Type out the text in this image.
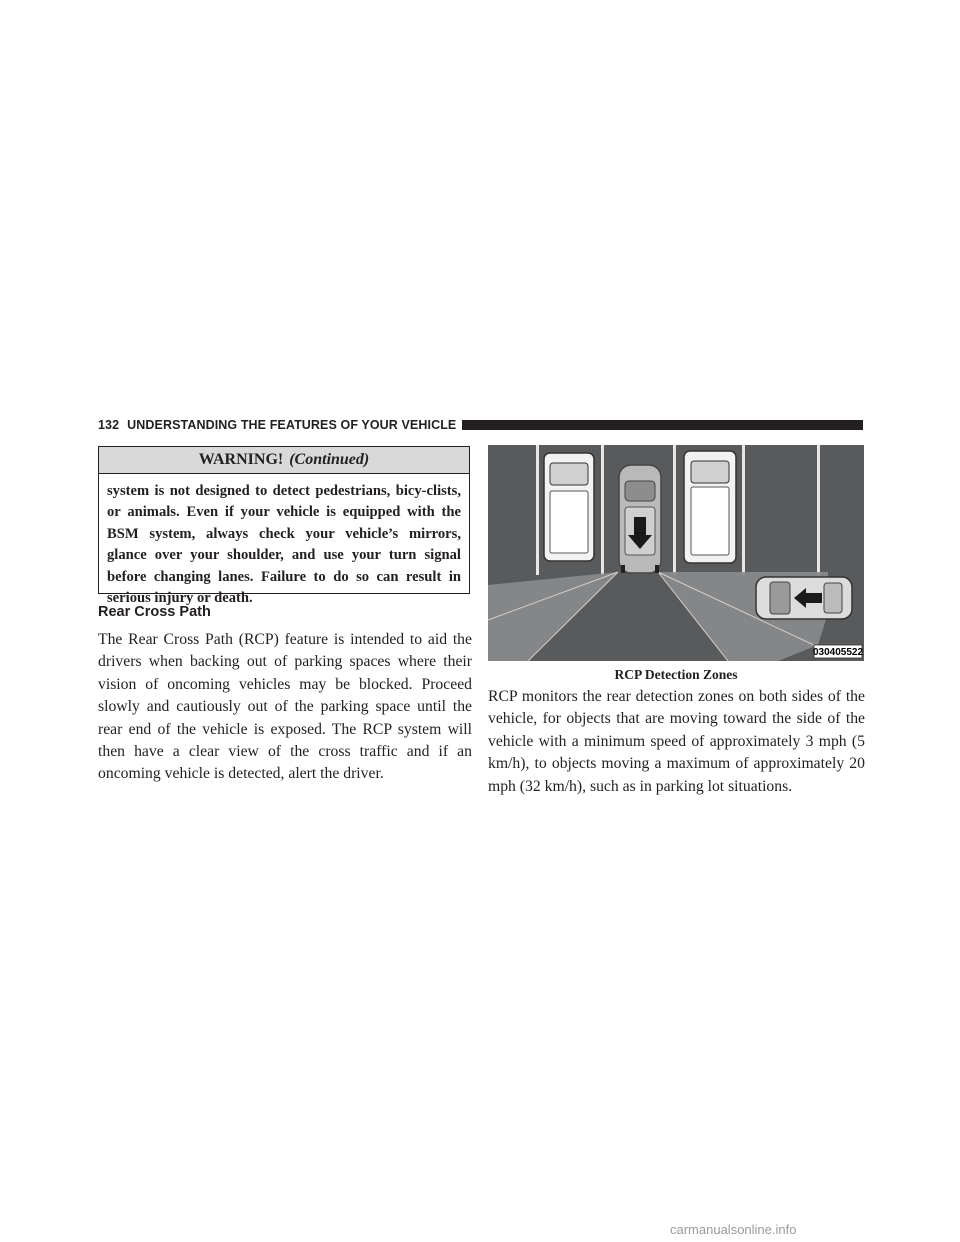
132 UNDERSTANDING THE FEATURES OF YOUR VEHICLE
WARNING! (Continued)
system is not designed to detect pedestrians, bicy-clists, or animals. Even if your vehicle is equipped with the BSM system, always check your vehicle’s mirrors, glance over your shoulder, and use your turn signal before changing lanes. Failure to do so can result in serious injury or death.
Rear Cross Path

The Rear Cross Path (RCP) feature is intended to aid the drivers when backing out of parking spaces where their vision of oncoming vehicles may be blocked. Proceed slowly and cautiously out of the parking space until the rear end of the vehicle is exposed. The RCP system will then have a clear view of the cross traffic and if an oncoming vehicle is detected, alert the driver.

030405522
RCP Detection Zones

RCP monitors the rear detection zones on both sides of the vehicle, for objects that are moving toward the side of the vehicle with a minimum speed of approximately 3 mph (5 km/h), to objects moving a maximum of approximately 20 mph (32 km/h), such as in parking lot situations.

carmanualsonline.info
